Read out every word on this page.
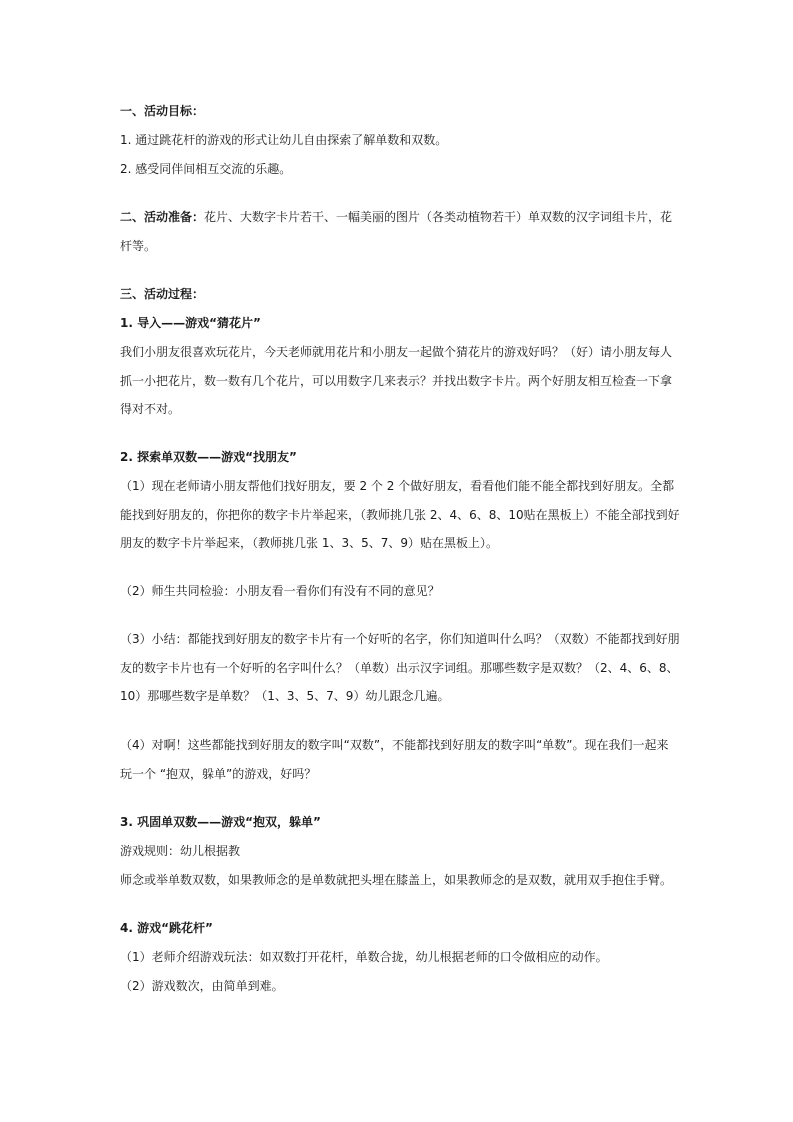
一、活动目标：

1. 通过跳花杆的游戏的形式让幼儿自由探索了解单数和双数。

2. 感受同伴间相互交流的乐趣。

二、活动准备：花片、大数字卡片若干、一幅美丽的图片（各类动植物若干）单双数的汉字词组卡片，花杆等。

三、活动过程：

1. 导入——游戏“猜花片”

我们小朋友很喜欢玩花片，今天老师就用花片和小朋友一起做个猜花片的游戏好吗？（好）请小朋友每人抓一小把花片，数一数有几个花片，可以用数字几来表示？并找出数字卡片。两个好朋友相互检查一下拿得对不对。

2. 探索单双数——游戏“找朋友”

（1）现在老师请小朋友帮他们找好朋友，要 2 个 2 个做好朋友，看看他们能不能全都找到好朋友。全都能找到好朋友的，你把你的数字卡片举起来，（教师挑几张 2、4、6、8、10贴在黑板上）不能全部找到好朋友的数字卡片举起来，（教师挑几张 1、3、5、7、9）贴在黑板上）。

（2）师生共同检验：小朋友看一看你们有没有不同的意见？

（3）小结：都能找到好朋友的数字卡片有一个好听的名字，你们知道叫什么吗？（双数）不能都找到好朋友的数字卡片也有一个好听的名字叫什么？（单数）出示汉字词组。那哪些数字是双数？（2、4、6、8、10）那哪些数字是单数？（1、3、5、7、9）幼儿跟念几遍。

（4）对啊！这些都能找到好朋友的数字叫“双数”，不能都找到好朋友的数字叫“单数”。现在我们一起来玩一个 “抱双，躲单”的游戏，好吗？

3. 巩固单双数——游戏“抱双，躲单”

游戏规则：幼儿根据教

师念或举单数双数，如果教师念的是单数就把头埋在膝盖上，如果教师念的是双数，就用双手抱住手臂。

4. 游戏“跳花杆”

（1）老师介绍游戏玩法：如双数打开花杆，单数合拢，幼儿根据老师的口令做相应的动作。

（2）游戏数次，由简单到难。
